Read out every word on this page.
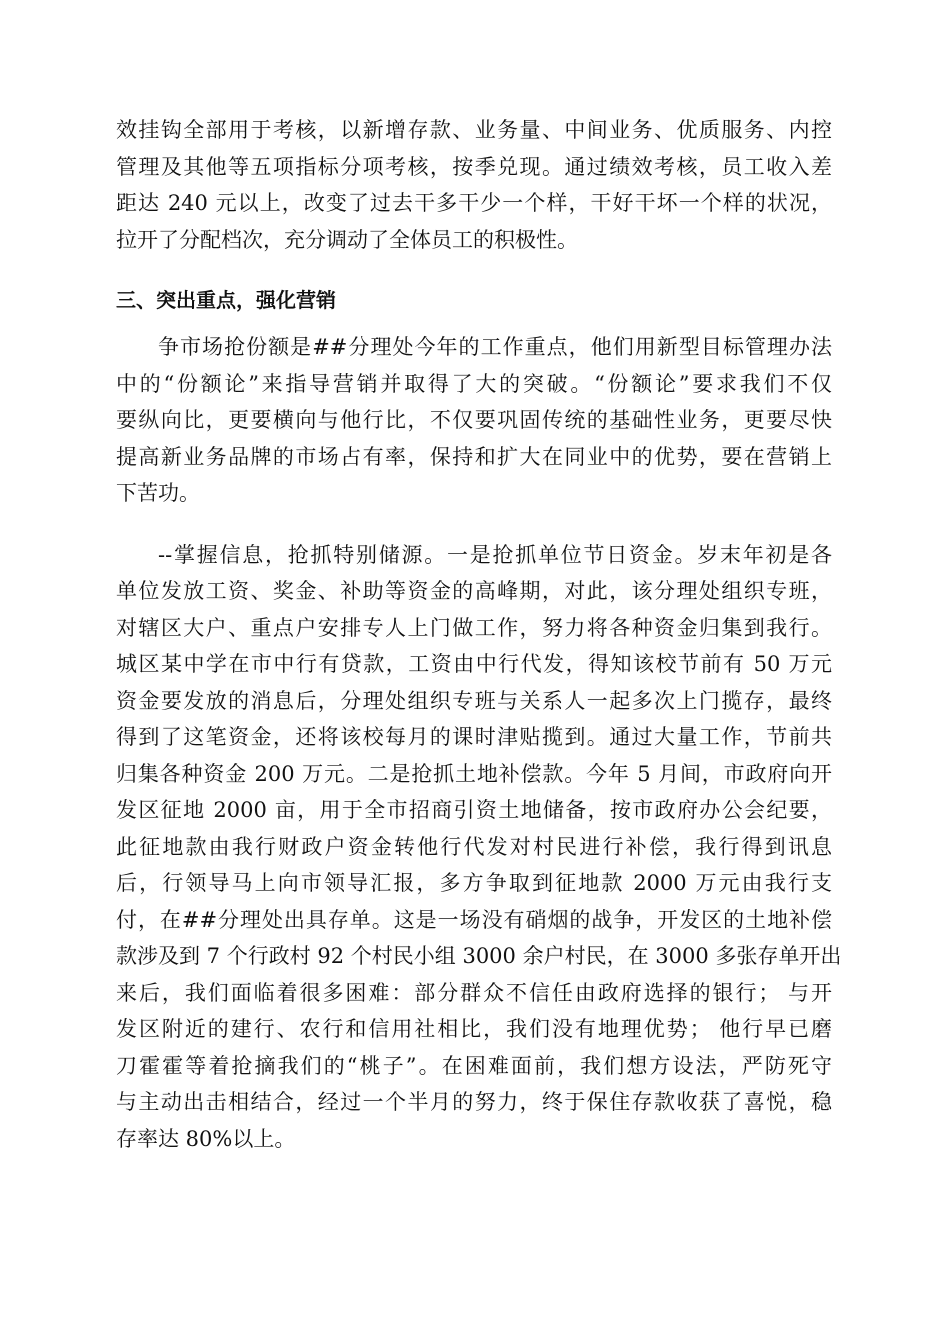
效挂钩全部用于考核，以新增存款、业务量、中间业务、优质服务、内控
管理及其他等五项指标分项考核，按季兑现。通过绩效考核，员工收入差
距达 240 元以上，改变了过去干多干少一个样，干好干坏一个样的状况，
拉开了分配档次，充分调动了全体员工的积极性。
三、突出重点，强化营销
争市场抢份额是##分理处今年的工作重点，他们用新型目标管理办法
中的“份额论”来指导营销并取得了大的突破。“份额论”要求我们不仅
要纵向比，更要横向与他行比，不仅要巩固传统的基础性业务，更要尽快
提高新业务品牌的市场占有率，保持和扩大在同业中的优势，要在营销上
下苦功。
--掌握信息，抢抓特别储源。一是抢抓单位节日资金。岁末年初是各
单位发放工资、奖金、补助等资金的高峰期，对此，该分理处组织专班，
对辖区大户、重点户安排专人上门做工作，努力将各种资金归集到我行。
城区某中学在市中行有贷款，工资由中行代发，得知该校节前有 50 万元
资金要发放的消息后，分理处组织专班与关系人一起多次上门揽存，最终
得到了这笔资金，还将该校每月的课时津贴揽到。通过大量工作，节前共
归集各种资金 200 万元。二是抢抓土地补偿款。今年 5 月间，市政府向开
发区征地 2000 亩，用于全市招商引资土地储备，按市政府办公会纪要，
此征地款由我行财政户资金转他行代发对村民进行补偿，我行得到讯息
后，行领导马上向市领导汇报，多方争取到征地款 2000 万元由我行支
付，在##分理处出具存单。这是一场没有硝烟的战争，开发区的土地补偿
款涉及到 7 个行政村 92 个村民小组 3000 余户村民，在 3000 多张存单开出
来后，我们面临着很多困难：部分群众不信任由政府选择的银行； 与开
发区附近的建行、农行和信用社相比，我们没有地理优势； 他行早已磨
刀霍霍等着抢摘我们的“桃子”。在困难面前，我们想方设法，严防死守
与主动出击相结合，经过一个半月的努力，终于保住存款收获了喜悦，稳
存率达 80%以上。
